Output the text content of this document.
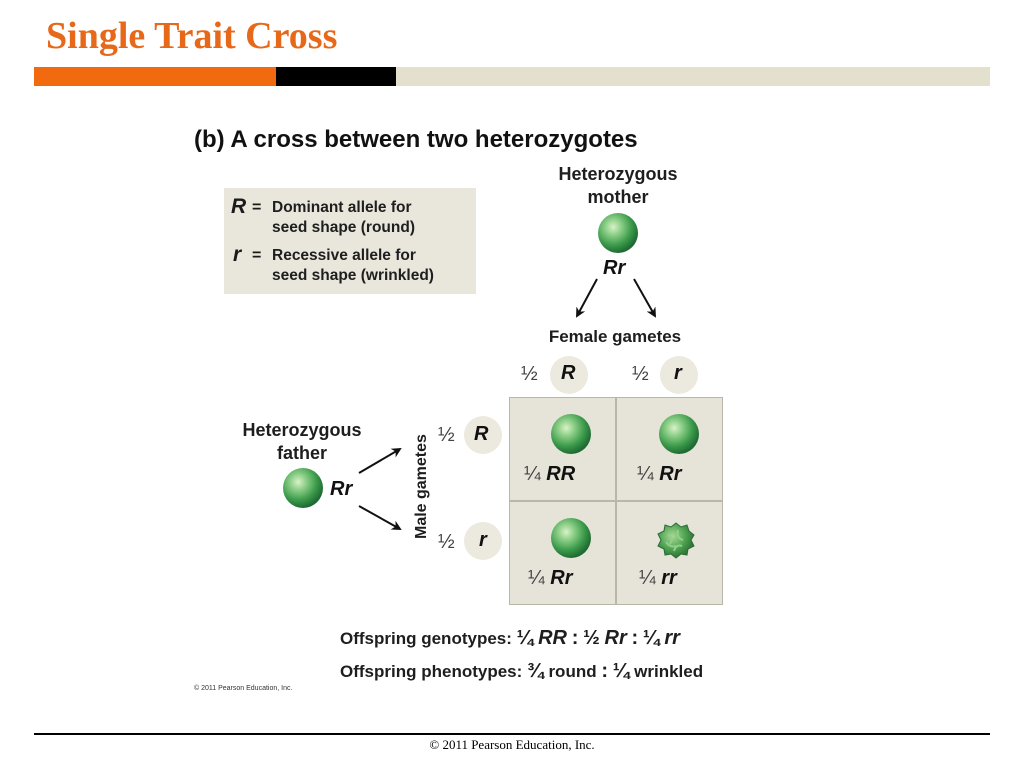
Single Trait Cross
(b) A cross between two heterozygotes
R = Dominant allele for
seed shape (round)
r = Recessive allele for
seed shape (wrinkled)
Heterozygous
mother
Rr
Female gametes
½ R	½ r
Heterozygous
father
Rr	Male gametes ½ R
½ r
¼ RR	¼ Rr
¼ Rr	¼ rr
Offspring genotypes: ¼ RR : ½ Rr : ¼ rr
Offspring phenotypes: ¾ round : ¼ wrinkled
© 2011 Pearson Education, Inc.
© 2011 Pearson Education, Inc.
